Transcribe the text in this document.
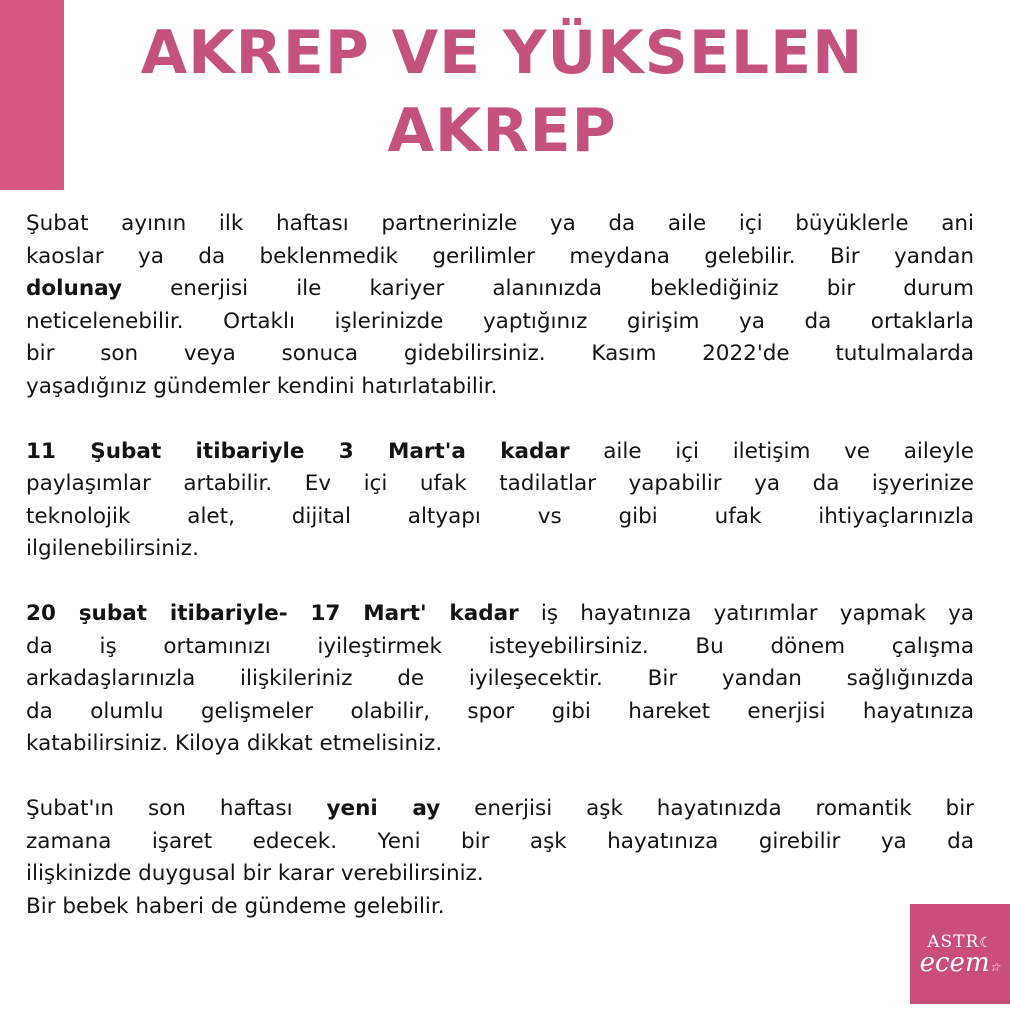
AKREP VE YÜKSELEN
AKREP

Şubat ayının ilk haftası partnerinizle ya da aile içi büyüklerle ani
kaoslar ya da beklenmedik gerilimler meydana gelebilir. Bir yandan
dolunay enerjisi ile kariyer alanınızda beklediğiniz bir durum
neticelenebilir. Ortaklı işlerinizde yaptığınız girişim ya da ortaklarla
bir son veya sonuca gidebilirsiniz. Kasım 2022'de tutulmalarda
yaşadığınız gündemler kendini hatırlatabilir.

11 Şubat itibariyle 3 Mart'a kadar aile içi iletişim ve aileyle
paylaşımlar artabilir. Ev içi ufak tadilatlar yapabilir ya da işyerinize
teknolojik alet, dijital altyapı vs gibi ufak ihtiyaçlarınızla
ilgilenebilirsiniz.

20 şubat itibariyle- 17 Mart' kadar iş hayatınıza yatırımlar yapmak ya
da iş ortamınızı iyileştirmek isteyebilirsiniz. Bu dönem çalışma
arkadaşlarınızla ilişkileriniz de iyileşecektir. Bir yandan sağlığınızda
da olumlu gelişmeler olabilir, spor gibi hareket enerjisi hayatınıza
katabilirsiniz. Kiloya dikkat etmelisiniz.

Şubat'ın son haftası yeni ay enerjisi aşk hayatınızda romantik bir
zamana işaret edecek. Yeni bir aşk hayatınıza girebilir ya da
ilişkinizde duygusal bir karar verebilirsiniz.
Bir bebek haberi de gündeme gelebilir.

ASTR☾
ecem☆
